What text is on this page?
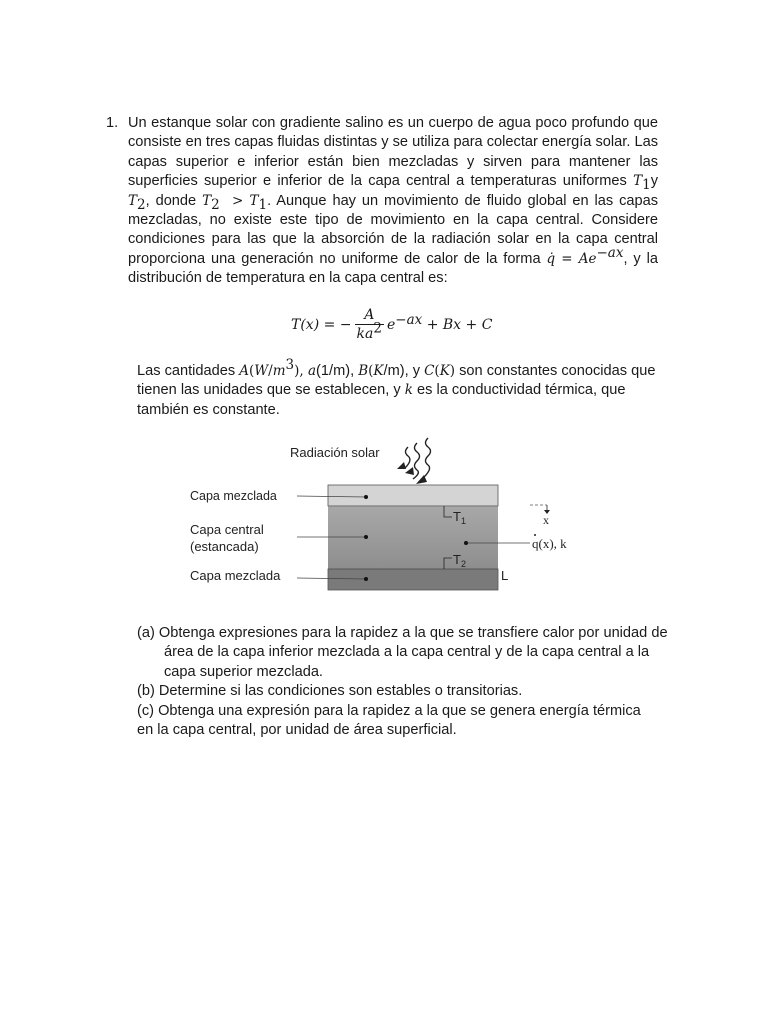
1. Un estanque solar con gradiente salino es un cuerpo de agua poco profundo que consiste en tres capas fluidas distintas y se utiliza para colectar energía solar. Las capas superior e inferior están bien mezcladas y sirven para mantener las superficies superior e inferior de la capa central a temperaturas uniformes $T_1y$ $T_2$, donde $T_2 > T_1$. Aunque hay un movimiento de fluido global en las capas mezcladas, no existe este tipo de movimiento en la capa central. Considere condiciones para las que la absorción de la radiación solar en la capa central proporciona una generación no uniforme de calor de la forma q̇ = $Ae^{-ax}$, y la distribución de temperatura en la capa central es:
T(x) = − $\frac{A}{ka^2} e^{-ax} + Bx + C$
Las cantidades $A(W/m^3)$, a(1/m), B(K/m), y C(K) son constantes conocidas que tienen las unidades que se establecen, y k es la conductividad térmica, que también es constante.
Radiación solar
Capa mezclada
Capa central
(estancada)
Capa mezclada
$T_1$
$T_2$
L
q(x), k
x
(a) Obtenga expresiones para la rapidez a la que se transfiere calor por unidad de área de la capa inferior mezclada a la capa central y de la capa central a la capa superior mezclada.
(b) Determine si las condiciones son estables o transitorias.
(c) Obtenga una expresión para la rapidez a la que se genera energía térmica en la capa central, por unidad de área superficial.
